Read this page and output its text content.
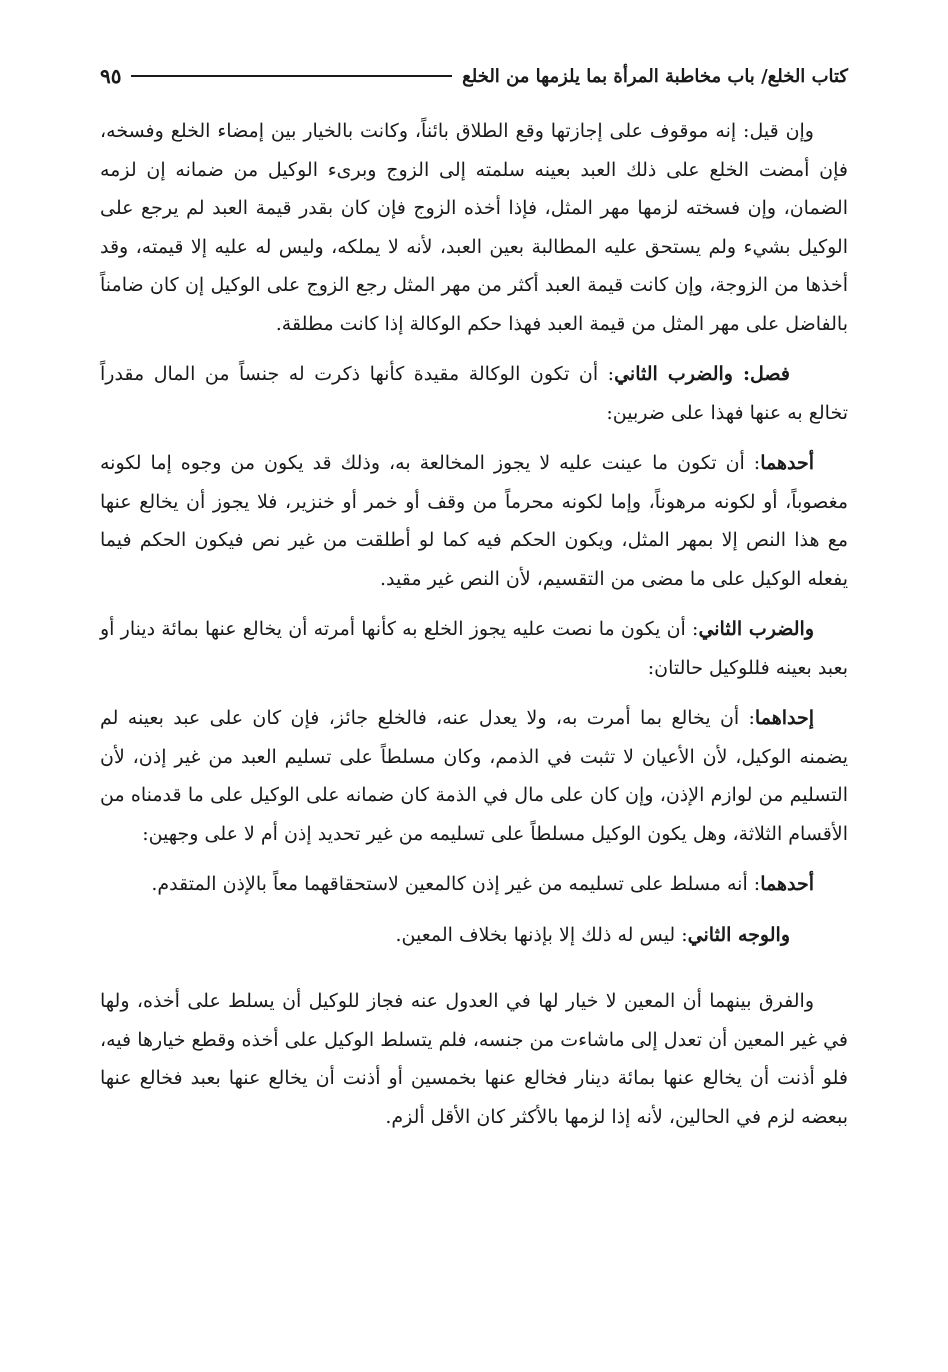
كتاب الخلع/ باب مخاطبة المرأة بما يلزمها من الخلع
٩٥

وإن قيل: إنه موقوف على إجازتها وقع الطلاق بائناً، وكانت بالخيار بين إمضاء الخلع وفسخه، فإن أمضت الخلع على ذلك العبد بعينه سلمته إلى الزوج وبرىء الوكيل من ضمانه إن لزمه الضمان، وإن فسخته لزمها مهر المثل، فإذا أخذه الزوج فإن كان بقدر قيمة العبد لم يرجع على الوكيل بشيء ولم يستحق عليه المطالبة بعين العبد، لأنه لا يملكه، وليس له عليه إلا قيمته، وقد أخذها من الزوجة، وإن كانت قيمة العبد أكثر من مهر المثل رجع الزوج على الوكيل إن كان ضامناً بالفاضل على مهر المثل من قيمة العبد فهذا حكم الوكالة إذا كانت مطلقة.

فصل: والضرب الثاني: أن تكون الوكالة مقيدة كأنها ذكرت له جنساً من المال مقدراً تخالع به عنها فهذا على ضربين:

أحدهما: أن تكون ما عينت عليه لا يجوز المخالعة به، وذلك قد يكون من وجوه إما لكونه مغصوباً، أو لكونه مرهوناً، وإما لكونه محرماً من وقف أو خمر أو خنزير، فلا يجوز أن يخالع عنها مع هذا النص إلا بمهر المثل، ويكون الحكم فيه كما لو أطلقت من غير نص فيكون الحكم فيما يفعله الوكيل على ما مضى من التقسيم، لأن النص غير مقيد.

والضرب الثاني: أن يكون ما نصت عليه يجوز الخلع به كأنها أمرته أن يخالع عنها بمائة دينار أو بعبد بعينه فللوكيل حالتان:

إحداهما: أن يخالع بما أمرت به، ولا يعدل عنه، فالخلع جائز، فإن كان على عبد بعينه لم يضمنه الوكيل، لأن الأعيان لا تثبت في الذمم، وكان مسلطاً على تسليم العبد من غير إذن، لأن التسليم من لوازم الإذن، وإن كان على مال في الذمة كان ضمانه على الوكيل على ما قدمناه من الأقسام الثلاثة، وهل يكون الوكيل مسلطاً على تسليمه من غير تحديد إذن أم لا على وجهين:

أحدهما: أنه مسلط على تسليمه من غير إذن كالمعين لاستحقاقهما معاً بالإذن المتقدم.

والوجه الثاني: ليس له ذلك إلا بإذنها بخلاف المعين.

والفرق بينهما أن المعين لا خيار لها في العدول عنه فجاز للوكيل أن يسلط على أخذه، ولها في غير المعين أن تعدل إلى ماشاءت من جنسه، فلم يتسلط الوكيل على أخذه وقطع خيارها فيه، فلو أذنت أن يخالع عنها بمائة دينار فخالع عنها بخمسين أو أذنت أن يخالع عنها بعبد فخالع عنها ببعضه لزم في الحالين، لأنه إذا لزمها بالأكثر كان الأقل ألزم.
